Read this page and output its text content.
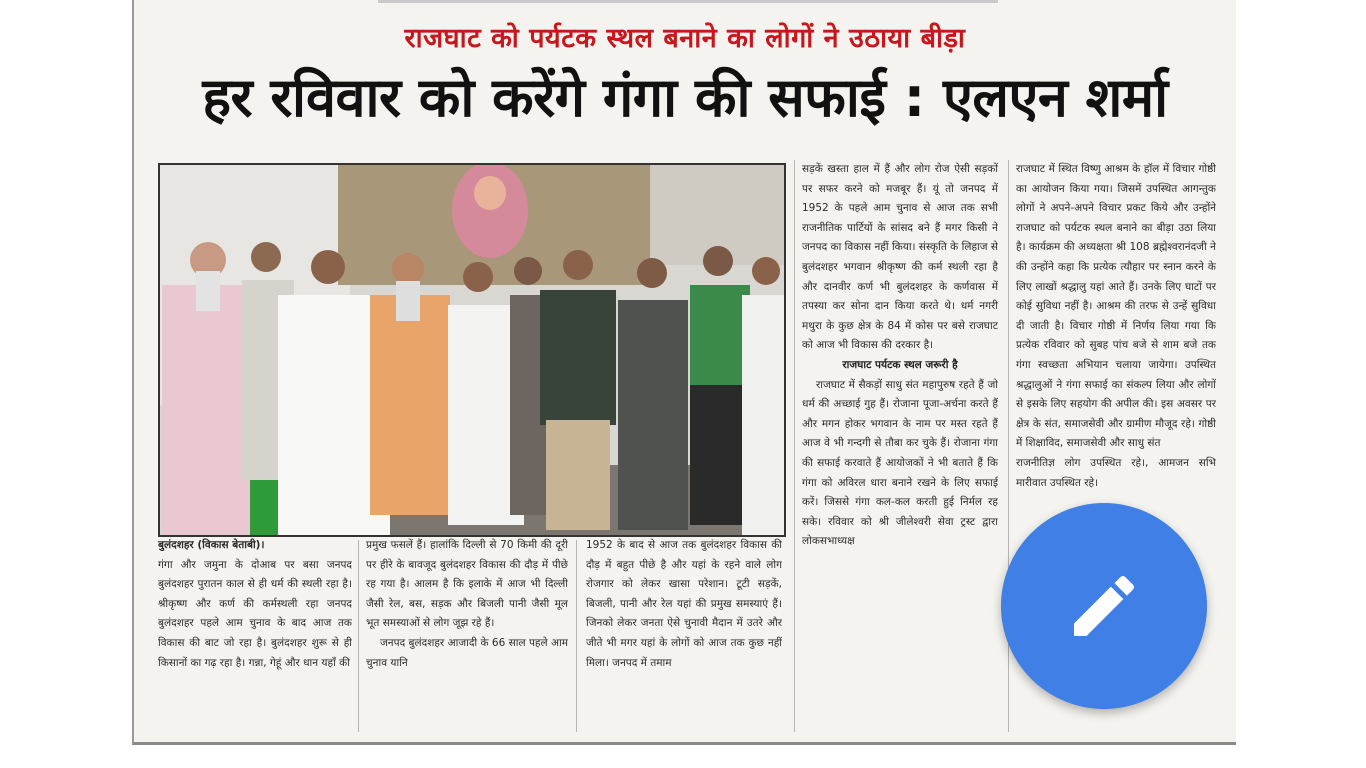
राजघाट को पर्यटक स्थल बनाने का लोगों ने उठाया बीड़ा
हर रविवार को करेंगे गंगा की सफाई : एलएन शर्मा

बुलंदशहर (विकास बेताबी)।

गंगा और जमुना के दोआब पर बसा जनपद बुलंदशहर पुरातन काल से ही धर्म की स्थली रहा है। श्रीकृष्ण और कर्ण की कर्मस्थली रहा जनपद बुलंदशहर पहले आम चुनाव के बाद आज तक विकास की बाट जो रहा है। बुलंदशहर शुरू से ही किसानों का गढ़ रहा है। गन्ना, गेहूं और धान यहाँ की

प्रमुख फसलें हैं। हालांकि दिल्ली से 70 किमी की दूरी पर हीरे के बावजूद बुलंदशहर विकास की दौड़ में पीछे रह गया है। आलम है कि इलाके में आज भी दिल्ली जैसी रेल, बस, सड़क और बिजली पानी जैसी मूल भूत समस्याओं से लोग जूझ रहे हैं।

जनपद बुलंदशहर आजादी के 66 साल पहले आम चुनाव यानि

1952 के बाद से आज तक बुलंदशहर विकास की दौड़ में बहुत पीछे है और यहां के रहने वाले लोग रोजगार को लेकर खासा परेशान। टूटी सड़कें, बिजली, पानी और रेल यहां की प्रमुख समस्याएं हैं। जिनको लेकर जनता ऐसे चुनावी मैदान में उतरे और जीते भी मगर यहां के लोगों को आज तक कुछ नहीं मिला। जनपद में तमाम

सड़कें खस्ता हाल में हैं और लोग रोज ऐसी सड़कों पर सफर करने को मजबूर हैं। यूं तो जनपद में 1952 के पहले आम चुनाव से आज तक सभी राजनीतिक पार्टियों के सांसद बने हैं मगर किसी ने जनपद का विकास नहीं किया। संस्कृति के लिहाज से बुलंदशहर भगवान श्रीकृष्ण की कर्म स्थली रहा है और दानवीर कर्ण भी बुलंदशहर के कर्णवास में तपस्या कर सोना दान किया करते थे। धर्म नगरी मथुरा के कुछ क्षेत्र के 84 में कोस पर बसे राजघाट को आज भी विकास की दरकार है।

राजघाट पर्यटक स्थल जरूरी है

राजघाट में सैकड़ों साधु संत महापुरुष रहते हैं जो धर्म की अच्छाई गुह हैं। रोजाना पूजा-अर्चना करते हैं और मगन होकर भगवान के नाम पर मस्त रहते हैं आज वे भी गन्दगी से तौबा कर चुके हैं। रोजाना गंगा की सफाई करवाते हैं आयोजकों ने भी बताते हैं कि गंगा को अविरल धारा बनाने रखने के लिए सफाई करें। जिससे गंगा कल-कल करती हुई निर्मल रह सके। रविवार को श्री जीलेश्वरी सेवा ट्रस्ट द्वारा लोकसभाध्यक्ष

राजघाट में स्थित विष्णु आश्रम के हॉल में विचार गोष्ठी का आयोजन किया गया। जिसमें उपस्थित आगन्तुक लोगों ने अपने-अपने विचार प्रकट किये और उन्होंने राजघाट को पर्यटक स्थल बनाने का बीड़ा उठा लिया है। कार्यक्रम की अध्यक्षता श्री 108 ब्रह्मेश्वरानंदजी ने की उन्होंने कहा कि प्रत्येक त्यौहार पर स्नान करने के लिए लाखों श्रद्धालु यहां आते हैं। उनके लिए घाटों पर कोई सुविधा नहीं है। आश्रम की तरफ से उन्हें सुविधा दी जाती है। विचार गोष्ठी में निर्णय लिया गया कि प्रत्येक रविवार को सुबह पांच बजे से शाम बजे तक गंगा स्वच्छता अभियान चलाया जायेगा। उपस्थित श्रद्धालुओं ने गंगा सफाई का संकल्प लिया और लोगों से इसके लिए सहयोग की अपील की। इस अवसर पर क्षेत्र के संत, समाजसेवी और ग्रामीण मौजूद रहे। गोष्ठी में शिक्षाविद, समाजसेवी और साधु संत

राजनीतिज्ञ लोग उपस्थित रहे।, आमजन सभि मारीवात उपस्थित रहे।
